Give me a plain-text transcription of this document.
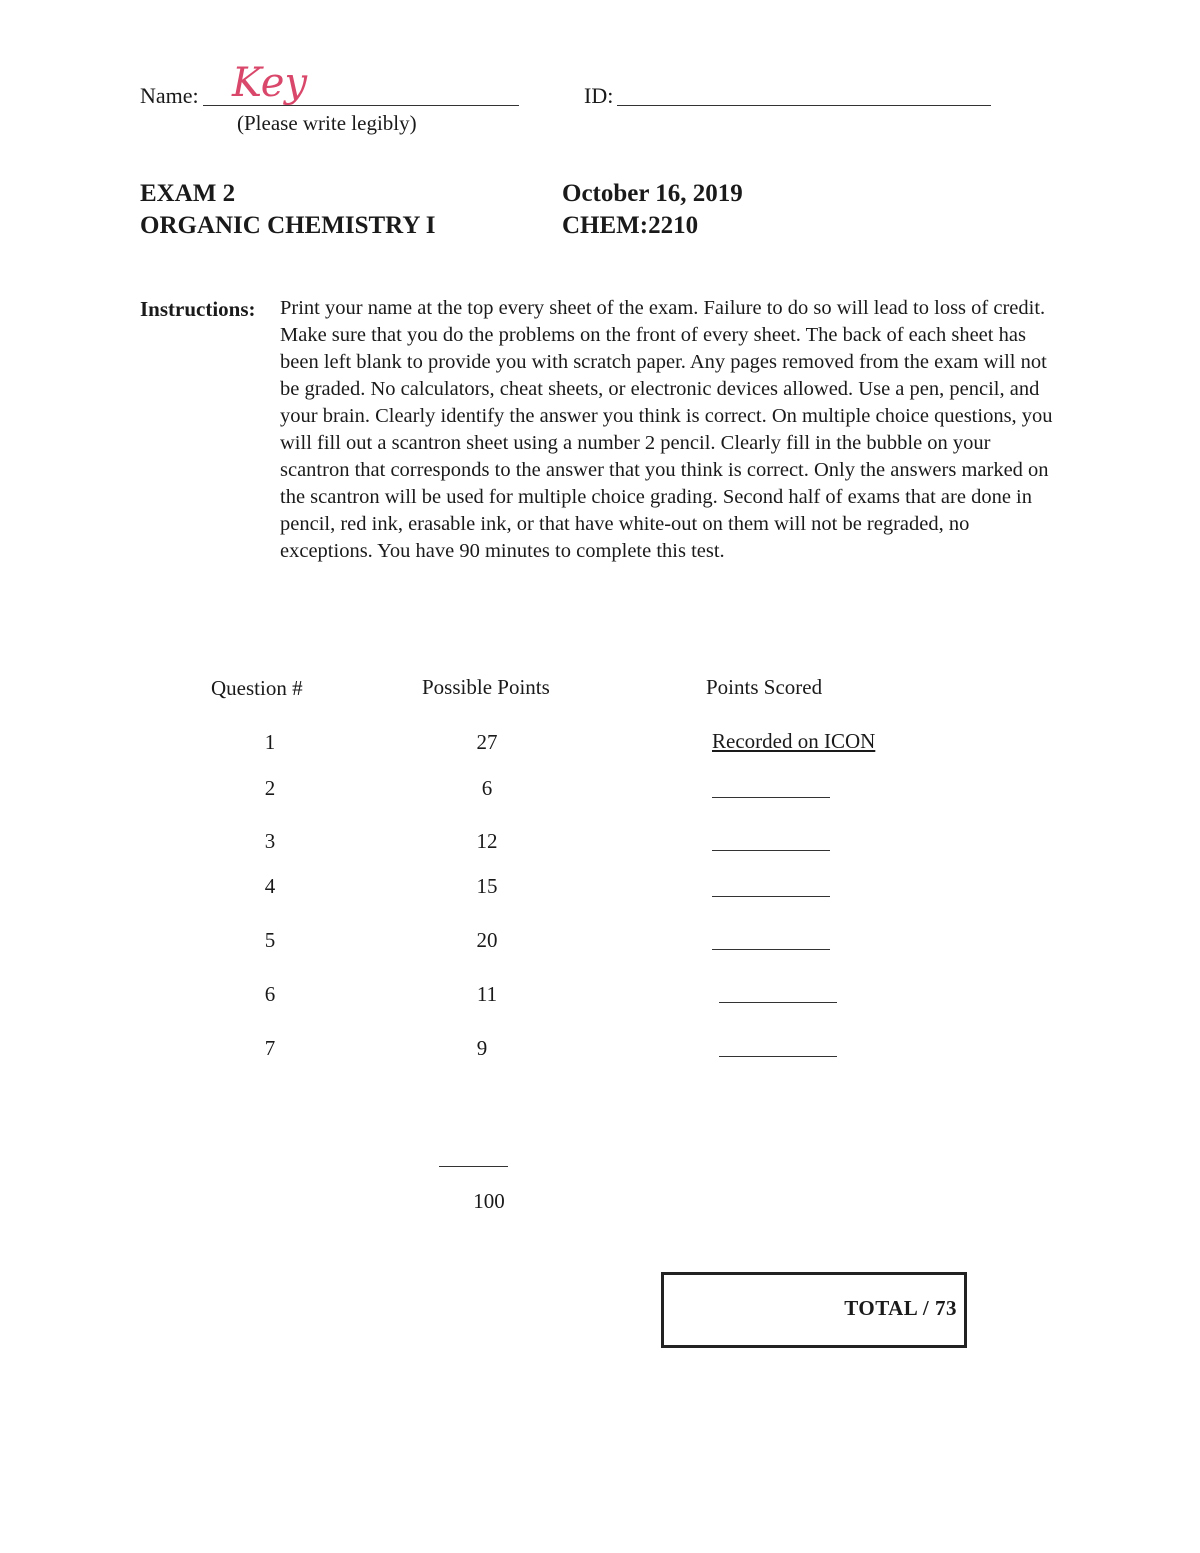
Name: Key
(Please write legibly)
ID:
EXAM 2
ORGANIC CHEMISTRY I
October 16, 2019
CHEM:2210
Instructions: Print your name at the top every sheet of the exam. Failure to do so will lead to loss of credit. Make sure that you do the problems on the front of every sheet. The back of each sheet has been left blank to provide you with scratch paper. Any pages removed from the exam will not be graded. No calculators, cheat sheets, or electronic devices allowed. Use a pen, pencil, and your brain. Clearly identify the answer you think is correct. On multiple choice questions, you will fill out a scantron sheet using a number 2 pencil. Clearly fill in the bubble on your scantron that corresponds to the answer that you think is correct. Only the answers marked on the scantron will be used for multiple choice grading. Second half of exams that are done in pencil, red ink, erasable ink, or that have white-out on them will not be regraded, no exceptions. You have 90 minutes to complete this test.
Question #	Possible Points	Points Scored
1	27	Recorded on ICON
2	6
3	12
4	15
5	20
6	11
7	9
100
TOTAL / 73
